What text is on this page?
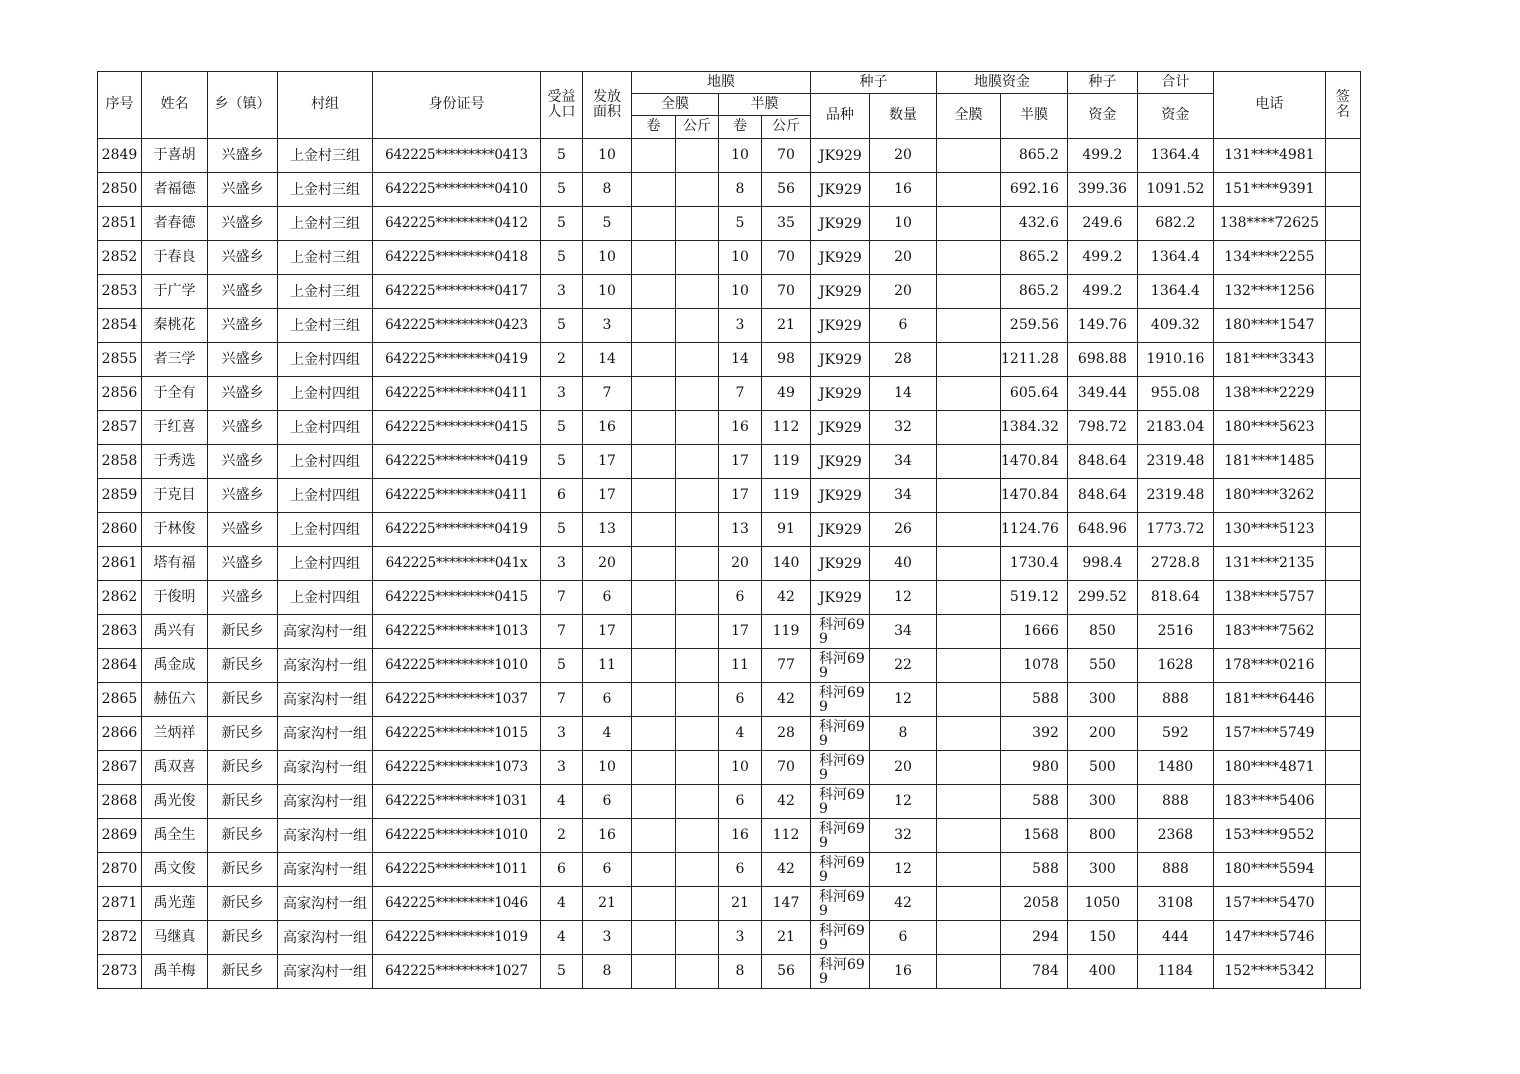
序号	姓名	乡（镇）	村组	身份证号	受益人口	发放面积	地膜				种子		地膜资金		种子	合计	电话	签名
							全膜		半膜		品种	数量	全膜	半膜	资金	资金		
							卷	公斤	卷	公斤								
2849	于喜胡	兴盛乡	上金村三组	642225*********0413	5	10			10	70	JK929	20		865.2	499.2	1364.4	131****4981	
2850	者福德	兴盛乡	上金村三组	642225*********0410	5	8			8	56	JK929	16		692.16	399.36	1091.52	151****9391	
2851	者春德	兴盛乡	上金村三组	642225*********0412	5	5			5	35	JK929	10		432.6	249.6	682.2	138****72625	
2852	于春良	兴盛乡	上金村三组	642225*********0418	5	10			10	70	JK929	20		865.2	499.2	1364.4	134****2255	
2853	于广学	兴盛乡	上金村三组	642225*********0417	3	10			10	70	JK929	20		865.2	499.2	1364.4	132****1256	
2854	秦桃花	兴盛乡	上金村三组	642225*********0423	5	3			3	21	JK929	6		259.56	149.76	409.32	180****1547	
2855	者三学	兴盛乡	上金村四组	642225*********0419	2	14			14	98	JK929	28		1211.28	698.88	1910.16	181****3343	
2856	于全有	兴盛乡	上金村四组	642225*********0411	3	7			7	49	JK929	14		605.64	349.44	955.08	138****2229	
2857	于红喜	兴盛乡	上金村四组	642225*********0415	5	16			16	112	JK929	32		1384.32	798.72	2183.04	180****5623	
2858	于秀选	兴盛乡	上金村四组	642225*********0419	5	17			17	119	JK929	34		1470.84	848.64	2319.48	181****1485	
2859	于克目	兴盛乡	上金村四组	642225*********0411	6	17			17	119	JK929	34		1470.84	848.64	2319.48	180****3262	
2860	于林俊	兴盛乡	上金村四组	642225*********0419	5	13			13	91	JK929	26		1124.76	648.96	1773.72	130****5123	
2861	塔有福	兴盛乡	上金村四组	642225*********041x	3	20			20	140	JK929	40		1730.4	998.4	2728.8	131****2135	
2862	于俊明	兴盛乡	上金村四组	642225*********0415	7	6			6	42	JK929	12		519.12	299.52	818.64	138****5757	
2863	禹兴有	新民乡	高家沟村一组	642225*********1013	7	17			17	119	科河699	34		1666	850	2516	183****7562	
2864	禹金成	新民乡	高家沟村一组	642225*********1010	5	11			11	77	科河699	22		1078	550	1628	178****0216	
2865	赫伍六	新民乡	高家沟村一组	642225*********1037	7	6			6	42	科河699	12		588	300	888	181****6446	
2866	兰炳祥	新民乡	高家沟村一组	642225*********1015	3	4			4	28	科河699	8		392	200	592	157****5749	
2867	禹双喜	新民乡	高家沟村一组	642225*********1073	3	10			10	70	科河699	20		980	500	1480	180****4871	
2868	禹光俊	新民乡	高家沟村一组	642225*********1031	4	6			6	42	科河699	12		588	300	888	183****5406	
2869	禹全生	新民乡	高家沟村一组	642225*********1010	2	16			16	112	科河699	32		1568	800	2368	153****9552	
2870	禹文俊	新民乡	高家沟村一组	642225*********1011	6	6			6	42	科河699	12		588	300	888	180****5594	
2871	禹光莲	新民乡	高家沟村一组	642225*********1046	4	21			21	147	科河699	42		2058	1050	3108	157****5470	
2872	马继真	新民乡	高家沟村一组	642225*********1019	4	3			3	21	科河699	6		294	150	444	147****5746	
2873	禹羊梅	新民乡	高家沟村一组	642225*********1027	5	8			8	56	科河699	16		784	400	1184	152****5342	
